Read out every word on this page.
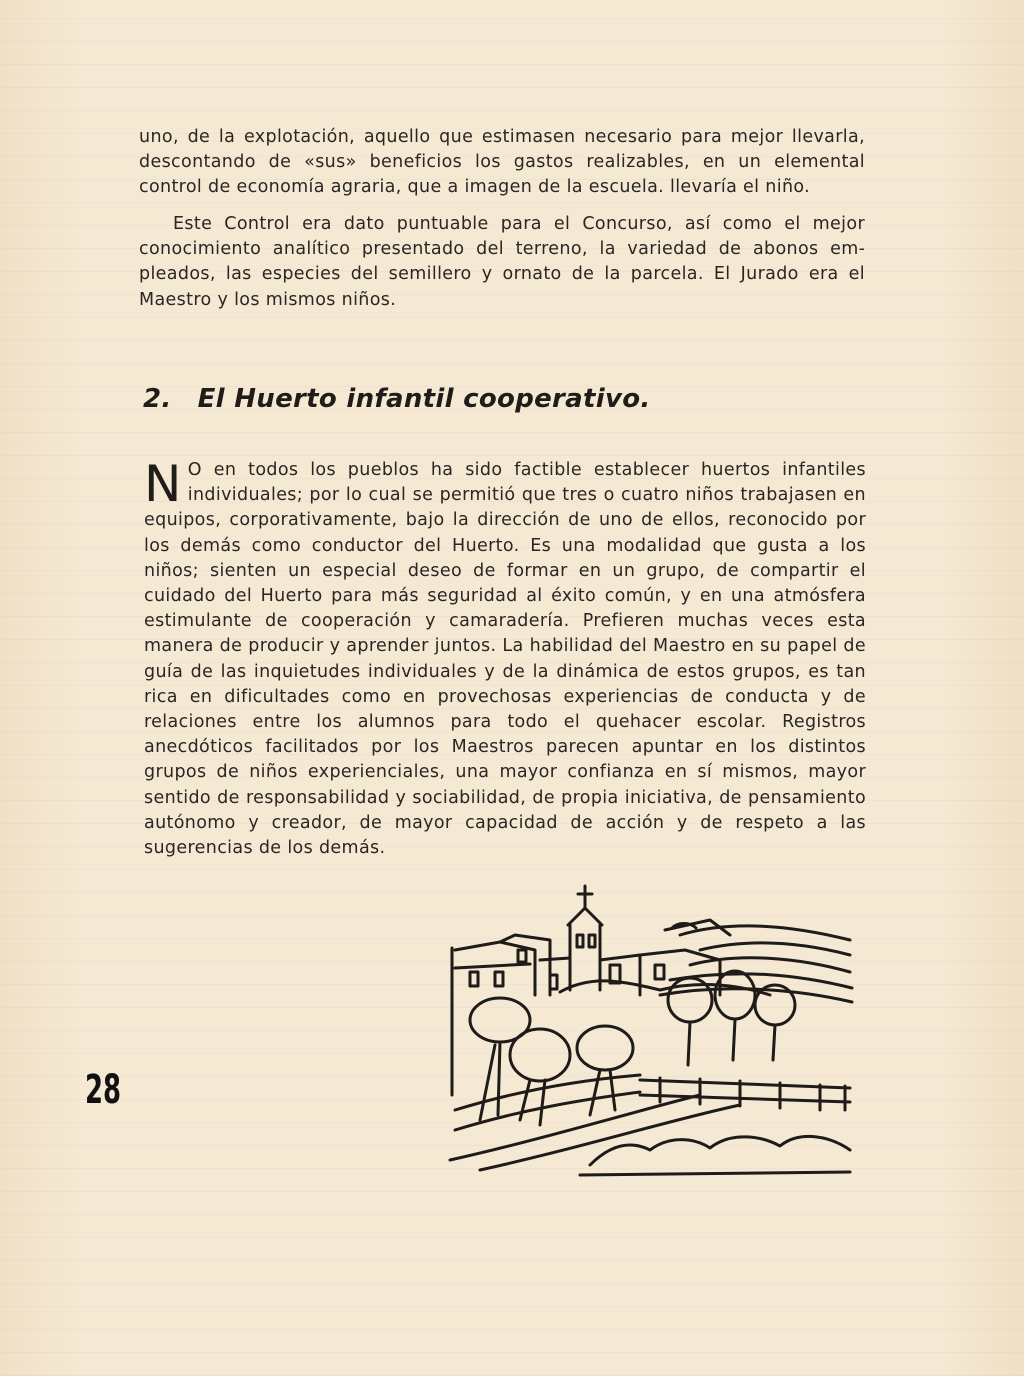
uno, de la explotación, aquello que estimasen necesario para mejor llevarla, descontando de «sus» beneficios los gastos realizables, en un elemental control de economía agraria, que a imagen de la escuela. llevaría el niño.

Este Control era dato puntuable para el Concurso, así como el mejor conocimiento analítico presentado del terreno, la variedad de abonos empleados, las especies del semillero y ornato de la parcela. El Jurado era el Maestro y los mismos niños.

2. El Huerto infantil cooperativo.

N O en todos los pueblos ha sido factible establecer huertos infantiles individuales; por lo cual se permitió que tres o cuatro niños trabajasen en equipos, corporativamente, bajo la dirección de uno de ellos, reconocido por los demás como conductor del Huerto. Es una modalidad que gusta a los niños; sienten un especial deseo de formar en un grupo, de compartir el cuidado del Huerto para más seguridad al éxito común, y en una atmósfera estimulante de cooperación y camaradería. Prefieren muchas veces esta manera de producir y aprender juntos. La habilidad del Maestro en su papel de guía de las inquietudes individuales y de la dinámica de estos grupos, es tan rica en dificultades como en provechosas experiencias de conducta y de relaciones entre los alumnos para todo el quehacer escolar. Registros anecdóticos facilitados por los Maestros parecen apuntar en los distintos grupos de niños experienciales, una mayor confianza en sí mismos, mayor sentido de responsabilidad y sociabilidad, de propia iniciativa, de pensamiento autónomo y creador, de mayor capacidad de acción y de respeto a las sugerencias de los demás.

28
